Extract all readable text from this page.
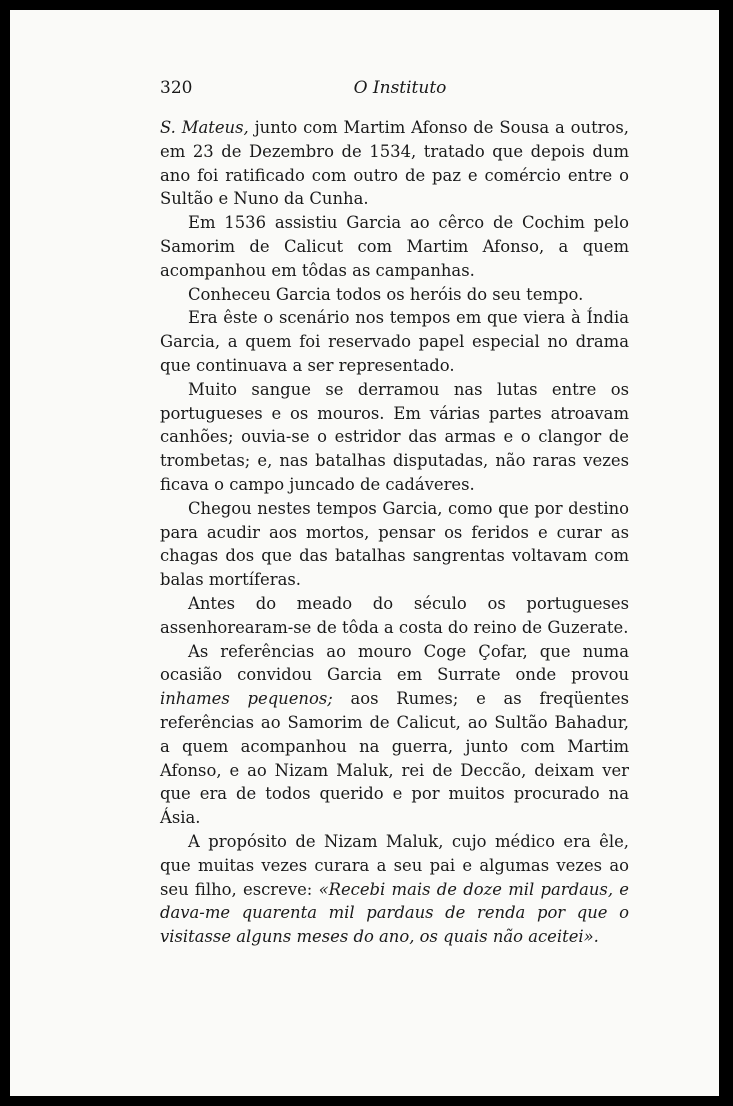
320	O Instituto

S. Mateus, junto com Martim Afonso de Sousa a outros, em 23 de Dezembro de 1534, tratado que depois dum ano foi ratificado com outro de paz e comércio entre o Sultão e Nuno da Cunha.

Em 1536 assistiu Garcia ao cêrco de Cochim pelo Samorim de Calicut com Martim Afonso, a quem acompanhou em tôdas as campanhas.

Conheceu Garcia todos os heróis do seu tempo.

Era êste o scenário nos tempos em que viera à Índia Garcia, a quem foi reservado papel especial no drama que continuava a ser representado.

Muito sangue se derramou nas lutas entre os portugueses e os mouros. Em várias partes atroavam canhões; ouvia-se o estridor das armas e o clangor de trombetas; e, nas batalhas disputadas, não raras vezes ficava o campo juncado de cadáveres.

Chegou nestes tempos Garcia, como que por destino para acudir aos mortos, pensar os feridos e curar as chagas dos que das batalhas sangrentas voltavam com balas mortíferas.

Antes do meado do século os portugueses assenhorearam-se de tôda a costa do reino de Guzerate.

As referências ao mouro Coge Çofar, que numa ocasião convidou Garcia em Surrate onde provou inhames pequenos; aos Rumes; e as freqüentes referências ao Samorim de Calicut, ao Sultão Bahadur, a quem acompanhou na guerra, junto com Martim Afonso, e ao Nizam Maluk, rei de Deccão, deixam ver que era de todos querido e por muitos procurado na Ásia.

A propósito de Nizam Maluk, cujo médico era êle, que muitas vezes curara a seu pai e algumas vezes ao seu filho, escreve: «Recebi mais de doze mil pardaus, e dava-me quarenta mil pardaus de renda por que o visitasse alguns meses do ano, os quais não aceitei».
